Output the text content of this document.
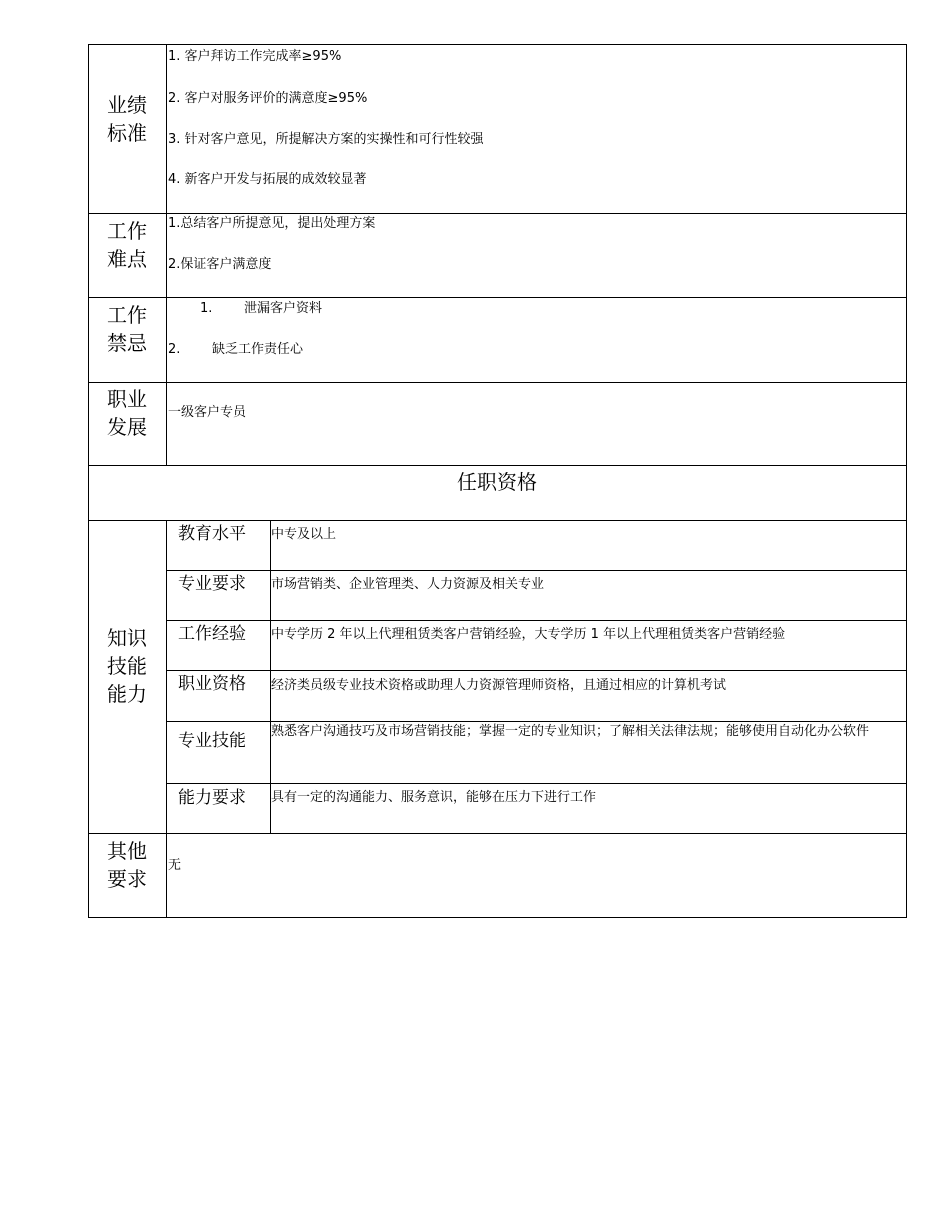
业绩
标准
1. 客户拜访工作完成率≥95%
2. 客户对服务评价的满意度≥95%
3. 针对客户意见，所提解决方案的实操性和可行性较强
4. 新客户开发与拓展的成效较显著
工作
难点
1.总结客户所提意见，提出处理方案
2.保证客户满意度
工作
禁忌
1. 泄漏客户资料
2. 缺乏工作责任心
职业
发展
一级客户专员
任职资格
知识
技能
能力
教育水平 中专及以上
专业要求 市场营销类、企业管理类、人力资源及相关专业
工作经验 中专学历 2 年以上代理租赁类客户营销经验，大专学历 1 年以上代理租赁类客户营销经验
职业资格 经济类员级专业技术资格或助理人力资源管理师资格，且通过相应的计算机考试
专业技能 熟悉客户沟通技巧及市场营销技能；掌握一定的专业知识；了解相关法律法规；能够使用自动化办公软件
能力要求 具有一定的沟通能力、服务意识，能够在压力下进行工作
其他
要求
无
